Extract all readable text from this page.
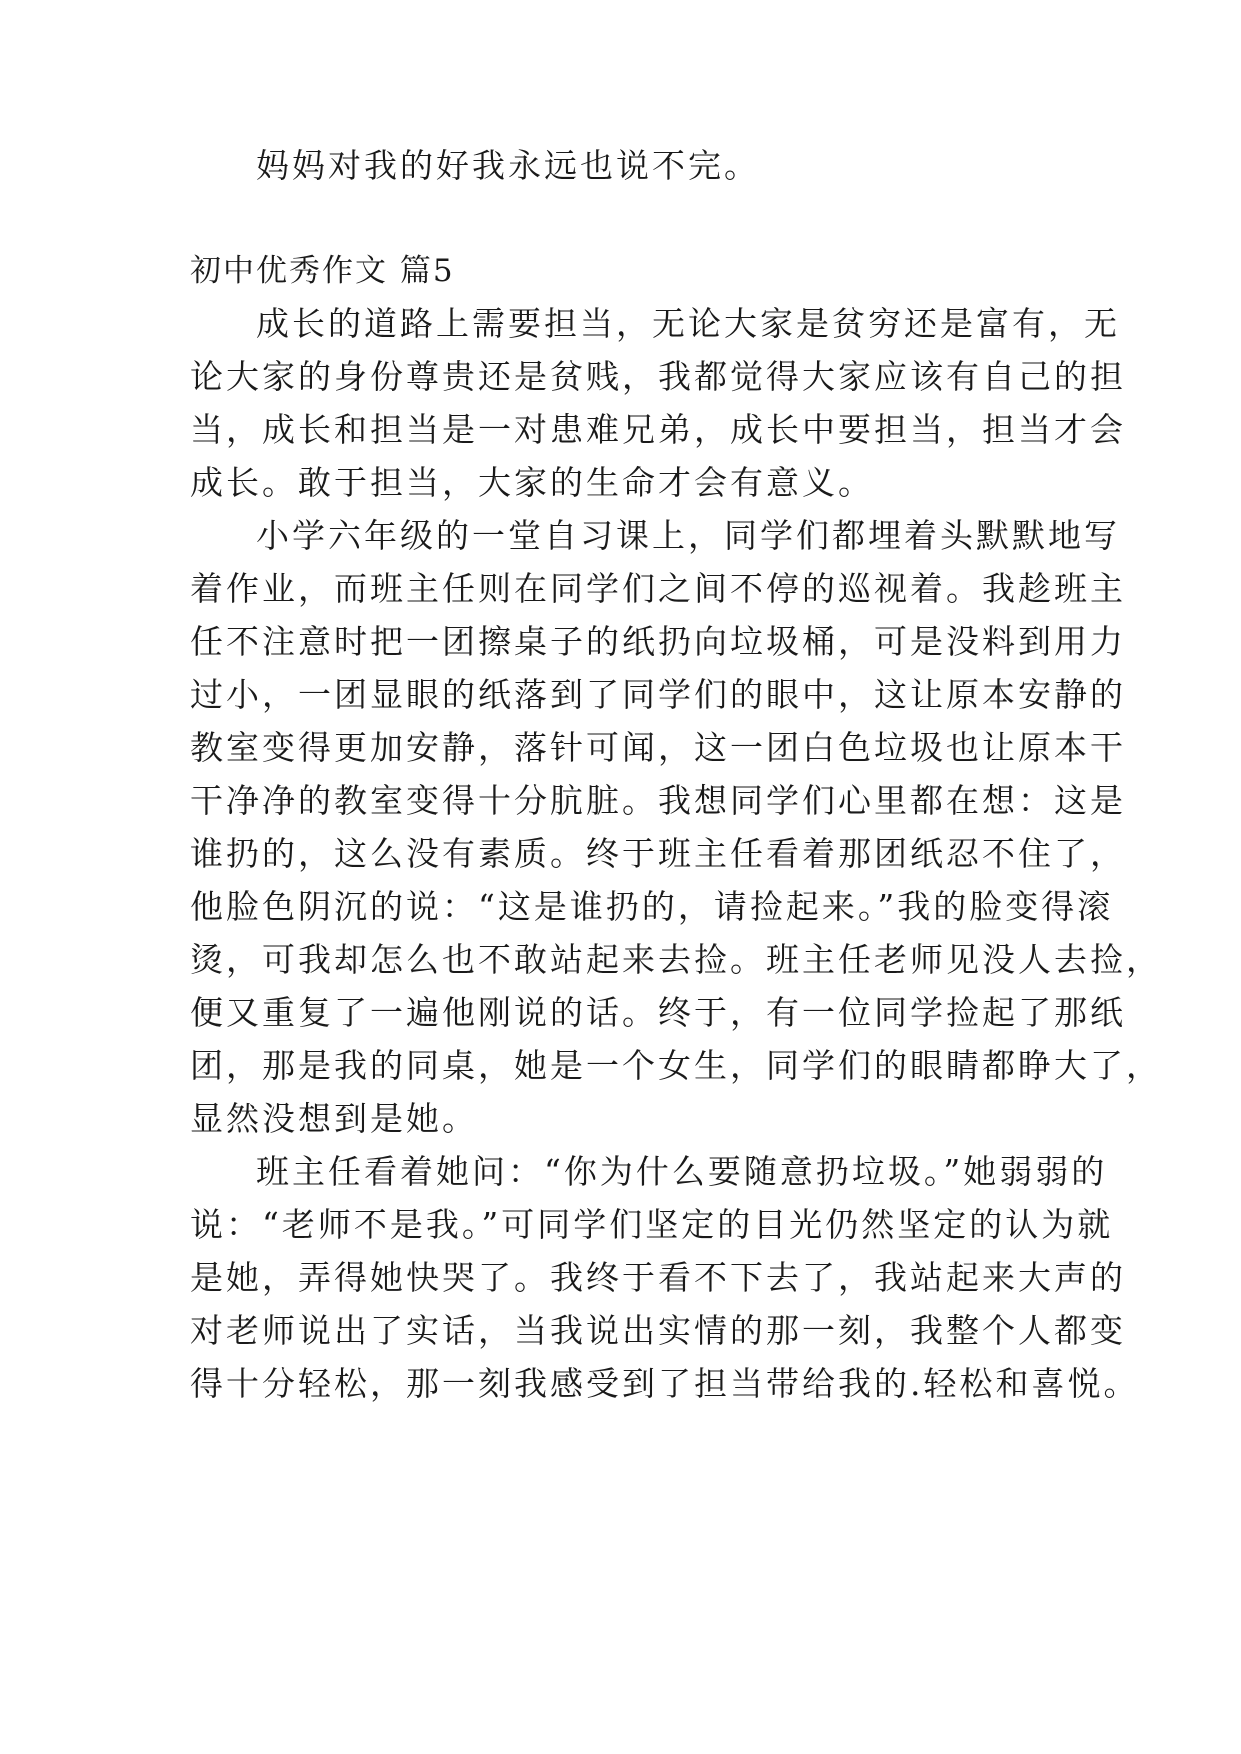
妈妈对我的好我永远也说不完。
初中优秀作文 篇5
成长的道路上需要担当，无论大家是贫穷还是富有，无
论大家的身份尊贵还是贫贱，我都觉得大家应该有自己的担
当，成长和担当是一对患难兄弟，成长中要担当，担当才会
成长。敢于担当，大家的生命才会有意义。
小学六年级的一堂自习课上，同学们都埋着头默默地写
着作业，而班主任则在同学们之间不停的巡视着。我趁班主
任不注意时把一团擦桌子的纸扔向垃圾桶，可是没料到用力
过小，一团显眼的纸落到了同学们的眼中，这让原本安静的
教室变得更加安静，落针可闻，这一团白色垃圾也让原本干
干净净的教室变得十分肮脏。我想同学们心里都在想：这是
谁扔的，这么没有素质。终于班主任看着那团纸忍不住了，
他脸色阴沉的说：“这是谁扔的，请捡起来。”我的脸变得滚
烫，可我却怎么也不敢站起来去捡。班主任老师见没人去捡，
便又重复了一遍他刚说的话。终于，有一位同学捡起了那纸
团，那是我的同桌，她是一个女生，同学们的眼睛都睁大了，
显然没想到是她。
班主任看着她问：“你为什么要随意扔垃圾。”她弱弱的
说：“老师不是我。”可同学们坚定的目光仍然坚定的认为就
是她，弄得她快哭了。我终于看不下去了，我站起来大声的
对老师说出了实话，当我说出实情的那一刻，我整个人都变
得十分轻松，那一刻我感受到了担当带给我的.轻松和喜悦。
